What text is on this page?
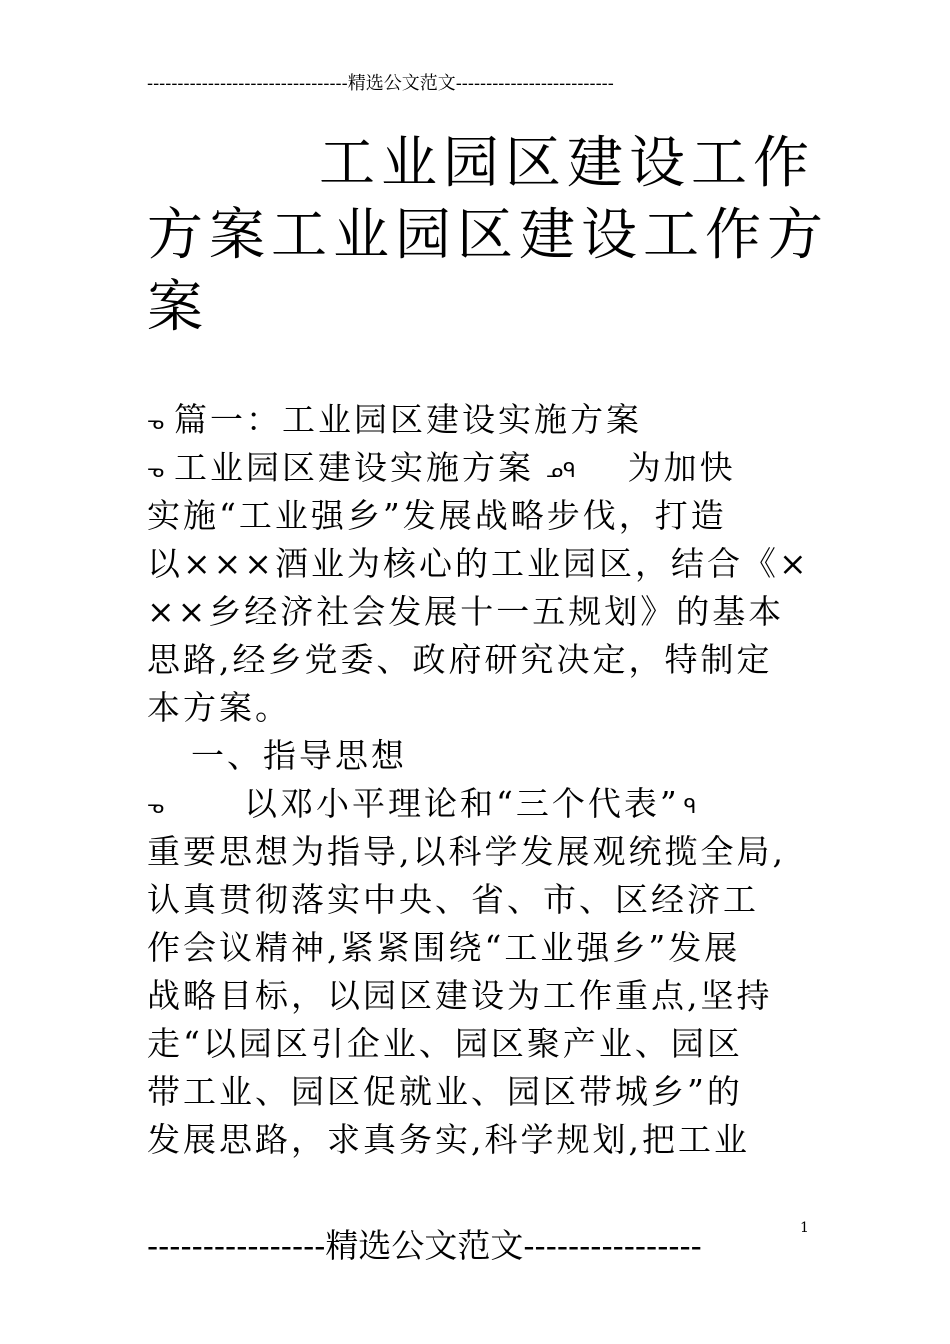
---------------------------------精选公文范文--------------------------
工业园区建设工作
方案工业园区建设工作方
案
ᓀ 篇一：工业园区建设实施方案
ᓀ 工业园区建设实施方案 ᓄᑫ 为加快
实施“工业强乡”发展战略步伐，打造
以×××酒业为核心的工业园区，结合《×
××乡经济社会发展十一五规划》的基本
思路,经乡党委、政府研究决定，特制定
本方案。
一、指导思想
ᓀ 以邓小平理论和“三个代表” ᑫ
重要思想为指导,以科学发展观统揽全局,
认真贯彻落实中央、省、市、区经济工
作会议精神,紧紧围绕“工业强乡”发展
战略目标，以园区建设为工作重点,坚持
走“以园区引企业、园区聚产业、园区
带工业、园区促就业、园区带城乡”的
发展思路，求真务实,科学规划,把工业
----------------精选公文范文----------------	1
